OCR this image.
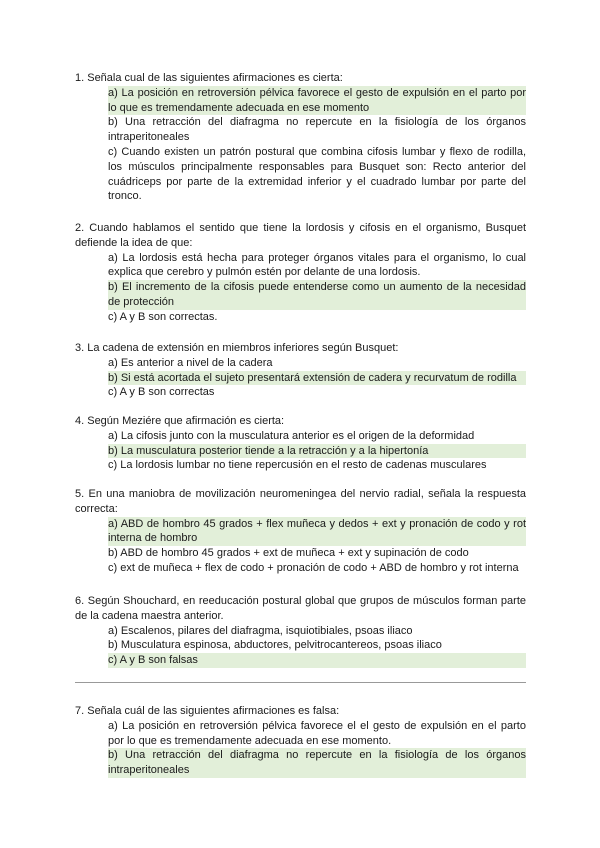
1. Señala cual de las siguientes afirmaciones es cierta:

a) La posición en retroversión pélvica favorece el gesto de expulsión en el parto por lo que es tremendamente adecuada en ese momento
b) Una retracción del diafragma no repercute en la fisiología de los órganos intraperitoneales
c) Cuando existen un patrón postural que combina cifosis lumbar y flexo de rodilla, los músculos principalmente responsables para Busquet son: Recto anterior del cuádriceps por parte de la extremidad inferior y el cuadrado lumbar por parte del tronco.

2. Cuando hablamos el sentido que tiene la lordosis y cifosis en el organismo, Busquet defiende la idea de que:

a) La lordosis está hecha para proteger órganos vitales para el organismo, lo cual explica que cerebro y pulmón estén por delante de una lordosis.
b) El incremento de la cifosis puede entenderse como un aumento de la necesidad de protección
c) A y B son correctas.

3. La cadena de extensión en miembros inferiores según Busquet:

a) Es anterior a nivel de la cadera
b) Si está acortada el sujeto presentará extensión de cadera y recurvatum de rodilla
c) A y B son correctas

4. Según Meziére que afirmación es cierta:

a) La cifosis junto con la musculatura anterior es el origen de la deformidad
b) La musculatura posterior tiende a la retracción y a la hipertonía
c) La lordosis lumbar no tiene repercusión en el resto de cadenas musculares

5. En una maniobra de movilización neuromeningea del nervio radial, señala la respuesta correcta:

a) ABD de hombro 45 grados + flex muñeca y dedos + ext y pronación de codo y rot interna de hombro
b) ABD de hombro 45 grados + ext de muñeca + ext y supinación de codo
c) ext de muñeca + flex de codo + pronación de codo + ABD de hombro y rot interna

6. Según Shouchard, en reeducación postural global que grupos de músculos forman parte de la cadena maestra anterior.

a) Escalenos, pilares del diafragma, isquiotibiales, psoas iliaco
b) Musculatura espinosa, abductores, pelvitrocantereos, psoas iliaco
c) A y B son falsas

7. Señala cuál de las siguientes afirmaciones es falsa:

a) La posición en retroversión pélvica favorece el el gesto de expulsión en el parto por lo que es tremendamente adecuada en ese momento.
b) Una retracción del diafragma no repercute en la fisiología de los órganos intraperitoneales
